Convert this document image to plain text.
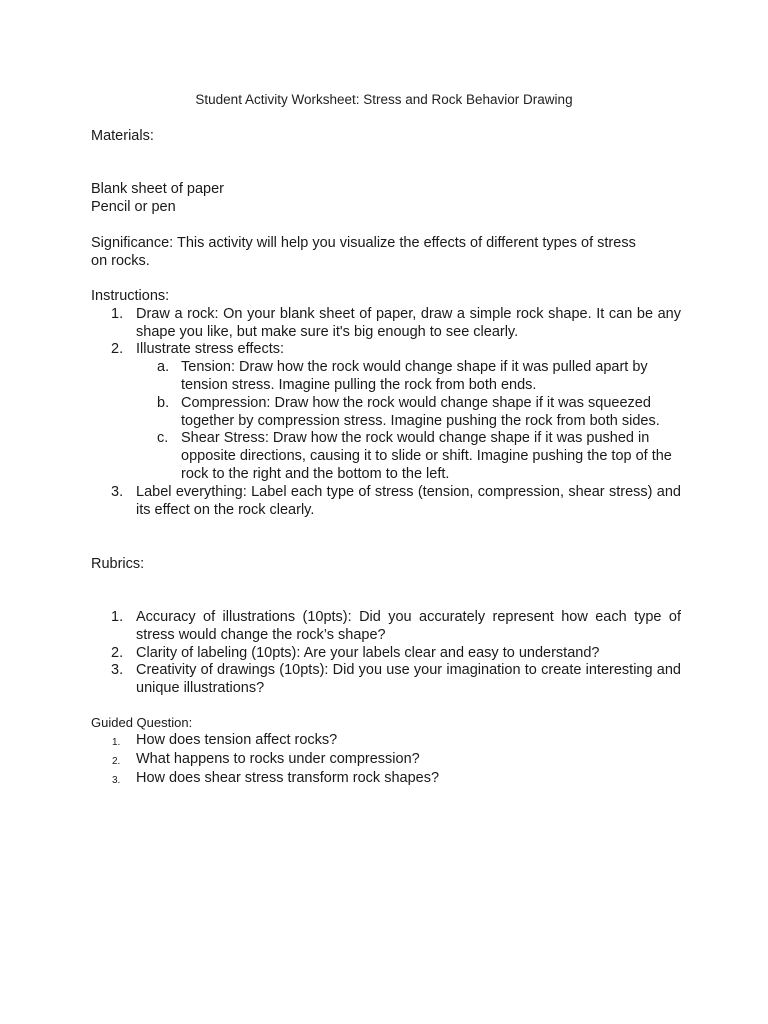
Student Activity Worksheet: Stress and Rock Behavior Drawing
Materials:
Blank sheet of paper
Pencil or pen
Significance: This activity will help you visualize the effects of different types of stress
on rocks.
Instructions:
1. Draw a rock: On your blank sheet of paper, draw a simple rock shape. It can be any shape you like, but make sure it's big enough to see clearly.
2. Illustrate stress effects:
a. Tension: Draw how the rock would change shape if it was pulled apart by tension stress. Imagine pulling the rock from both ends.
b. Compression: Draw how the rock would change shape if it was squeezed together by compression stress. Imagine pushing the rock from both sides.
c. Shear Stress: Draw how the rock would change shape if it was pushed in opposite directions, causing it to slide or shift. Imagine pushing the top of the rock to the right and the bottom to the left.
3. Label everything: Label each type of stress (tension, compression, shear stress) and its effect on the rock clearly.
Rubrics:
1. Accuracy of illustrations (10pts): Did you accurately represent how each type of stress would change the rock’s shape?
2. Clarity of labeling (10pts): Are your labels clear and easy to understand?
3. Creativity of drawings (10pts): Did you use your imagination to create interesting and unique illustrations?
Guided Question:
1. How does tension affect rocks?
2. What happens to rocks under compression?
3. How does shear stress transform rock shapes?
